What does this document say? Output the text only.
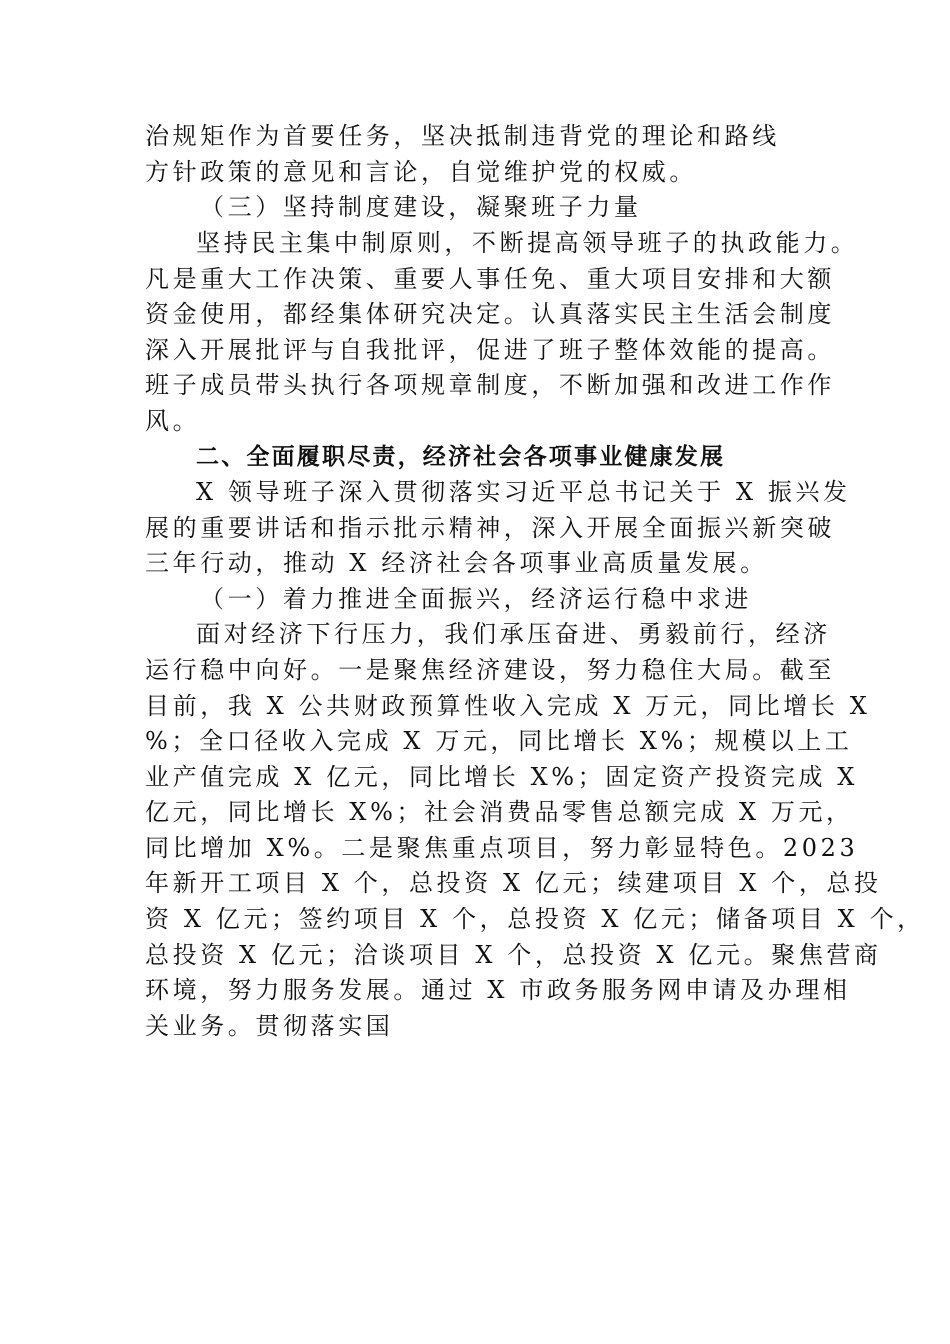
治规矩作为首要任务，坚决抵制违背党的理论和路线
方针政策的意见和言论，自觉维护党的权威。
（三）坚持制度建设，凝聚班子力量
坚持民主集中制原则，不断提高领导班子的执政能力。
凡是重大工作决策、重要人事任免、重大项目安排和大额
资金使用，都经集体研究决定。认真落实民主生活会制度
深入开展批评与自我批评，促进了班子整体效能的提高。
班子成员带头执行各项规章制度，不断加强和改进工作作
风。
二、全面履职尽责，经济社会各项事业健康发展
X 领导班子深入贯彻落实习近平总书记关于 X 振兴发
展的重要讲话和指示批示精神，深入开展全面振兴新突破
三年行动，推动 X 经济社会各项事业高质量发展。
（一）着力推进全面振兴，经济运行稳中求进
面对经济下行压力，我们承压奋进、勇毅前行，经济
运行稳中向好。一是聚焦经济建设，努力稳住大局。截至
目前，我 X 公共财政预算性收入完成 X 万元，同比增长 X
%；全口径收入完成 X 万元，同比增长 X%；规模以上工
业产值完成 X 亿元，同比增长 X%；固定资产投资完成 X
亿元，同比增长 X%；社会消费品零售总额完成 X 万元，
同比增加 X%。二是聚焦重点项目，努力彰显特色。2023
年新开工项目 X 个，总投资 X 亿元；续建项目 X 个，总投
资 X 亿元；签约项目 X 个，总投资 X 亿元；储备项目 X 个，
总投资 X 亿元；洽谈项目 X 个，总投资 X 亿元。聚焦营商
环境，努力服务发展。通过 X 市政务服务网申请及办理相
关业务。贯彻落实国
